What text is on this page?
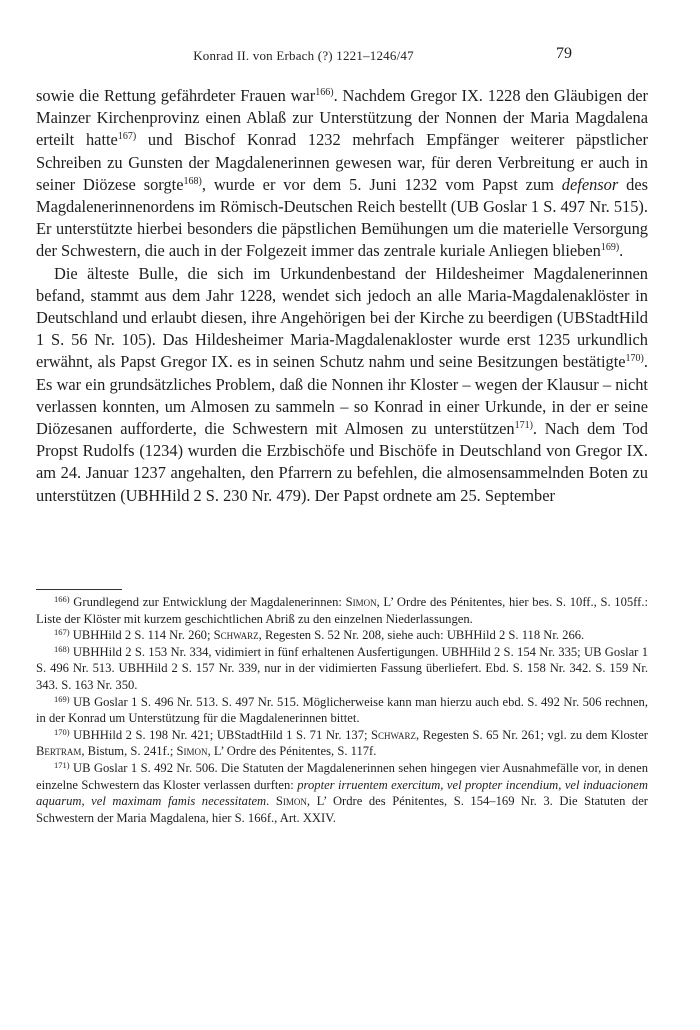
Konrad II. von Erbach (?) 1221–1246/47	79

sowie die Rettung gefährdeter Frauen war$^{166)}$. Nachdem Gregor IX. 1228 den Gläubigen der Mainzer Kirchenprovinz einen Ablaß zur Unterstützung der Nonnen der Maria Magdalena erteilt hatte$^{167)}$ und Bischof Konrad 1232 mehrfach Empfänger weiterer päpstlicher Schreiben zu Gunsten der Magdalenerinnen gewesen war, für deren Verbreitung er auch in seiner Diözese sorgte$^{168)}$, wurde er vor dem 5. Juni 1232 vom Papst zum defensor des Magdalenerinnenordens im Römisch-Deutschen Reich bestellt (UB Goslar 1 S. 497 Nr. 515). Er unterstützte hierbei besonders die päpstlichen Bemühungen um die materielle Versorgung der Schwestern, die auch in der Folgezeit immer das zentrale kuriale Anliegen blieben$^{169)}$.

Die älteste Bulle, die sich im Urkundenbestand der Hildesheimer Magdalenerinnen befand, stammt aus dem Jahr 1228, wendet sich jedoch an alle Maria-Magdalenaklöster in Deutschland und erlaubt diesen, ihre Angehörigen bei der Kirche zu beerdigen (UBStadtHild 1 S. 56 Nr. 105). Das Hildesheimer Maria-Magdalenakloster wurde erst 1235 urkundlich erwähnt, als Papst Gregor IX. es in seinen Schutz nahm und seine Besitzungen bestätigte$^{170)}$. Es war ein grundsätzliches Problem, daß die Nonnen ihr Kloster – wegen der Klausur – nicht verlassen konnten, um Almosen zu sammeln – so Konrad in einer Urkunde, in der er seine Diözesanen aufforderte, die Schwestern mit Almosen zu unterstützen$^{171)}$. Nach dem Tod Propst Rudolfs (1234) wurden die Erzbischöfe und Bischöfe in Deutschland von Gregor IX. am 24. Januar 1237 angehalten, den Pfarrern zu befehlen, die almosensammelnden Boten zu unterstützen (UBHHild 2 S. 230 Nr. 479). Der Papst ordnete am 25. September

$^{166)}$ Grundlegend zur Entwicklung der Magdalenerinnen: Simon, L’ Ordre des Pénitentes, hier bes. S. 10ff., S. 105ff.: Liste der Klöster mit kurzem geschichtlichen Abriß zu den einzelnen Niederlassungen.

$^{167)}$ UBHHild 2 S. 114 Nr. 260; Schwarz, Regesten S. 52 Nr. 208, siehe auch: UBHHild 2 S. 118 Nr. 266.

$^{168)}$ UBHHild 2 S. 153 Nr. 334, vidimiert in fünf erhaltenen Ausfertigungen. UBHHild 2 S. 154 Nr. 335; UB Goslar 1 S. 496 Nr. 513. UBHHild 2 S. 157 Nr. 339, nur in der vidimierten Fassung überliefert. Ebd. S. 158 Nr. 342. S. 159 Nr. 343. S. 163 Nr. 350.

$^{169)}$ UB Goslar 1 S. 496 Nr. 513. S. 497 Nr. 515. Möglicherweise kann man hierzu auch ebd. S. 492 Nr. 506 rechnen, in der Konrad um Unterstützung für die Magdalenerinnen bittet.

$^{170)}$ UBHHild 2 S. 198 Nr. 421; UBStadtHild 1 S. 71 Nr. 137; Schwarz, Regesten S. 65 Nr. 261; vgl. zu dem Kloster Bertram, Bistum, S. 241f.; Simon, L’ Ordre des Pénitentes, S. 117f.

$^{171)}$ UB Goslar 1 S. 492 Nr. 506. Die Statuten der Magdalenerinnen sehen hingegen vier Ausnahmefälle vor, in denen einzelne Schwestern das Kloster verlassen durften: propter irruentem exercitum, vel propter incendium, vel induacionem aquarum, vel maximam famis necessitatem. Simon, L’ Ordre des Pénitentes, S. 154–169 Nr. 3. Die Statuten der Schwestern der Maria Magdalena, hier S. 166f., Art. XXIV.
